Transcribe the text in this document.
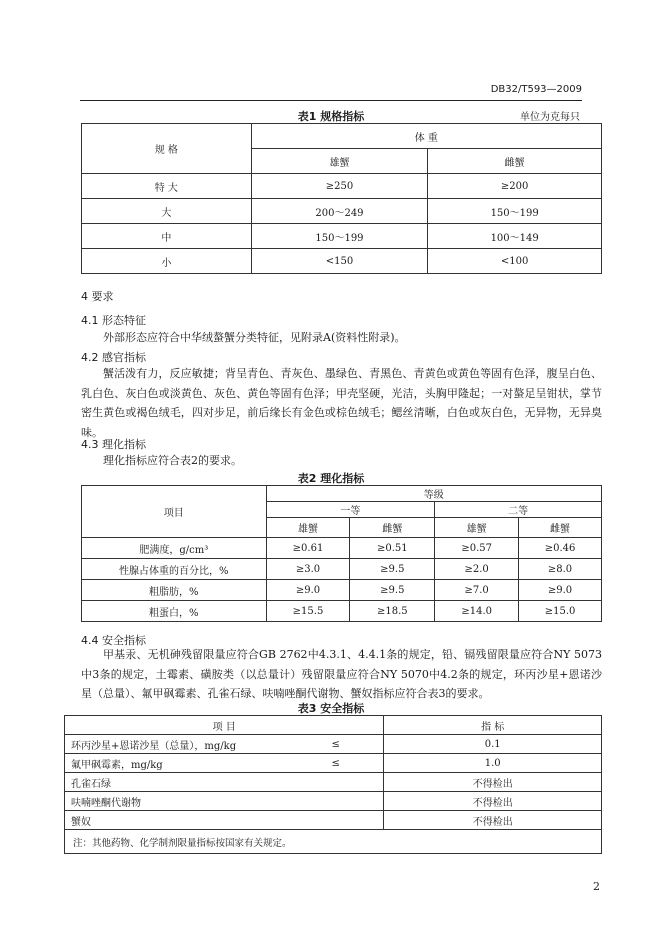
DB32/T593—2009
表1 规格指标	单位为克每只
规 格	体 重	
	雄蟹	雌蟹
特 大	≥250	≥200
大	200～249	150～199
中	150～199	100～149
小	<150	<100
4 要求
4.1 形态特征
外部形态应符合中华绒螯蟹分类特征，见附录A(资料性附录)。
4.2 感官指标
蟹活泼有力，反应敏捷；背呈青色、青灰色、墨绿色、青黑色、青黄色或黄色等固有色泽，腹呈白色、乳白色、灰白色或淡黄色、灰色、黄色等固有色泽；甲壳坚硬，光洁，头胸甲隆起；一对螯足呈钳状，掌节密生黄色或褐色绒毛，四对步足，前后缘长有金色或棕色绒毛；鳃丝清晰，白色或灰白色，无异物，无异臭味。
4.3 理化指标
理化指标应符合表2的要求。
表2 理化指标
项目	等级			
	一等		二等	
	雄蟹	雌蟹	雄蟹	雌蟹
肥满度，g/cm³	≥0.61	≥0.51	≥0.57	≥0.46
性腺占体重的百分比，%	≥3.0	≥9.5	≥2.0	≥8.0
粗脂肪，%	≥9.0	≥9.5	≥7.0	≥9.0
粗蛋白，%	≥15.5	≥18.5	≥14.0	≥15.0
4.4 安全指标
甲基汞、无机砷残留限量应符合GB 2762中4.3.1、4.4.1条的规定，铅、镉残留限量应符合NY 5073中3条的规定，土霉素、磺胺类（以总量计）残留限量应符合NY 5070中4.2条的规定，环丙沙星+恩诺沙星（总量）、氟甲砜霉素、孔雀石绿、呋喃唑酮代谢物、蟹奴指标应符合表3的要求。
表3 安全指标
项 目		指 标
环丙沙星+恩诺沙星（总量），mg/kg	≤	0.1
氟甲砜霉素，mg/kg	≤	1.0
孔雀石绿		不得检出
呋喃唑酮代谢物		不得检出
蟹奴		不得检出
注：其他药物、化学制剂限量指标按国家有关规定。		
2
